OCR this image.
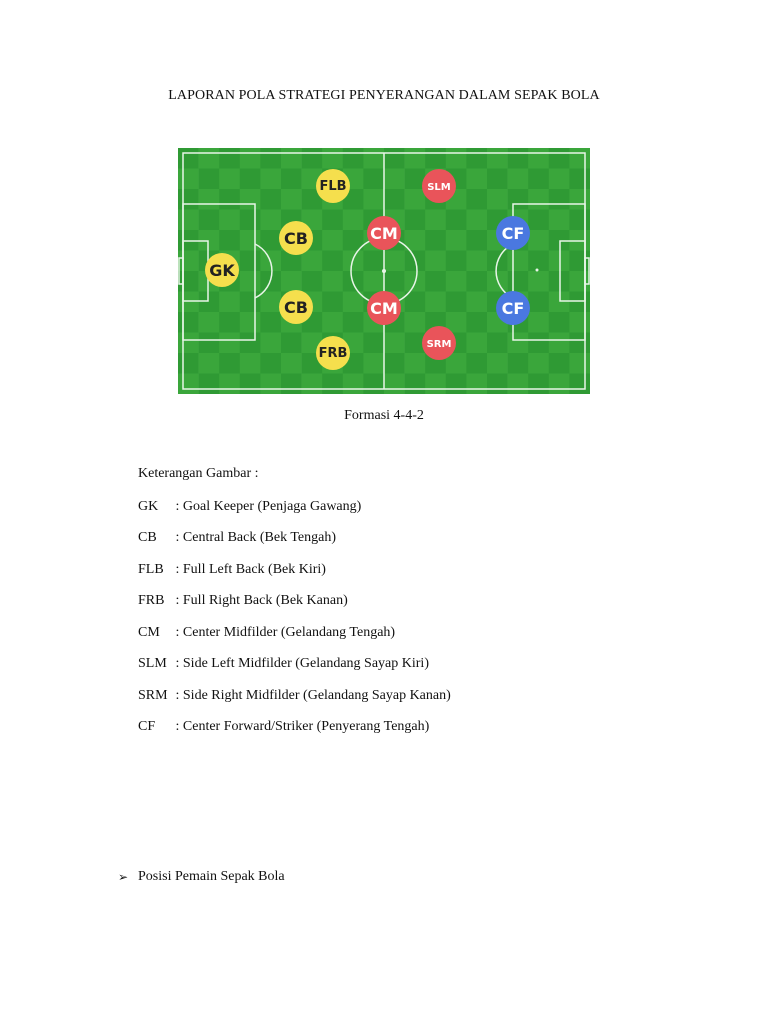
LAPORAN POLA STRATEGI PENYERANGAN DALAM SEPAK BOLA
GK
CB
CB
FLB
FRB
CM
CM
SLM
SRM
CF
CF
Formasi 4-4-2
Keterangan Gambar :
GK : Goal Keeper (Penjaga Gawang)
CB : Central Back (Bek Tengah)
FLB : Full Left Back (Bek Kiri)
FRB : Full Right Back (Bek Kanan)
CM : Center Midfilder (Gelandang Tengah)
SLM : Side Left Midfilder (Gelandang Sayap Kiri)
SRM : Side Right Midfilder (Gelandang Sayap Kanan)
CF : Center Forward/Striker (Penyerang Tengah)
➢ Posisi Pemain Sepak Bola
